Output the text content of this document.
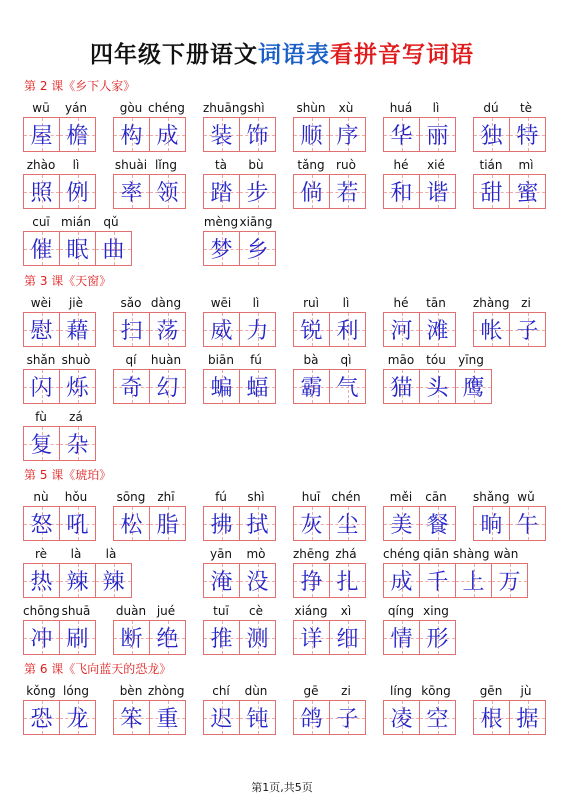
四年级下册语文词语表看拼音写词语
第 2 课《乡下人家》
wū	yán
屋 檐
gòu chéng
构 成
zhuāng shì
装 饰
shùn	xù
顺 序
huá	lì
华 丽
dú	tè
独 特
zhào	lì
照 例
shuài lǐng
率 领
tà	bù
踏 步
tǎng ruò
倘 若
hé	xié
和 谐
tián	mì
甜 蜜
cuī mián	qǔ
催 眠 曲
mèng xiāng
梦 乡
第 3 课《天窗》
wèi	jiè
慰 藉
sǎo dàng
扫 荡
wēi	lì
威 力
ruì	lì
锐 利
hé	tān
河 滩
zhàng zi
帐 子
shǎn shuò
闪 烁
qí	huàn
奇 幻
biān	fú
蝙 蝠
bà	qì
霸 气
māo tóu	yīng
猫 头 鹰
fù	zá
复 杂
第 5 课《琥珀》
nù	hǒu
怒 吼
sōng zhī
松 脂
fú	shì
拂 拭
huī chén
灰 尘
měi	cān
美 餐
shǎng wǔ
晌 午
rè	là	là
热 辣 辣
yān	mò
淹 没
zhēng zhá
挣 扎
chéng qiān shàng wàn
成 千 上 万
chōng shuā
冲 刷
duàn jué
断 绝
tuī	cè
推 测
xiáng	xì
详 细
qíng xing
情 形
第 6 课《飞向蓝天的恐龙》
kǒng lóng
恐 龙
bèn zhòng
笨 重
chí	dùn
迟 钝
gē	zi
鸽 子
líng kōng
凌 空
gēn	jù
根 据
第1页,共5页
